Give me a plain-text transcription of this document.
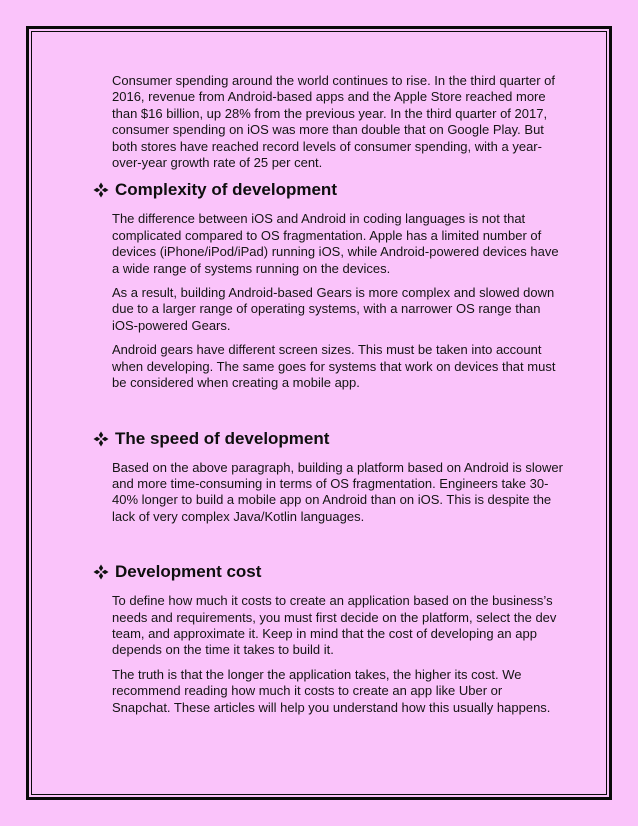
Consumer spending around the world continues to rise. In the third quarter of 2016, revenue from Android-based apps and the Apple Store reached more than $16 billion, up 28% from the previous year. In the third quarter of 2017, consumer spending on iOS was more than double that on Google Play. But both stores have reached record levels of consumer spending, with a year-over-year growth rate of 25 per cent.

Complexity of development

The difference between iOS and Android in coding languages is not that complicated compared to OS fragmentation. Apple has a limited number of devices (iPhone/iPod/iPad) running iOS, while Android-powered devices have a wide range of systems running on the devices.

As a result, building Android-based Gears is more complex and slowed down due to a larger range of operating systems, with a narrower OS range than iOS-powered Gears.

Android gears have different screen sizes. This must be taken into account when developing. The same goes for systems that work on devices that must be considered when creating a mobile app.

The speed of development

Based on the above paragraph, building a platform based on Android is slower and more time-consuming in terms of OS fragmentation. Engineers take 30-40% longer to build a mobile app on Android than on iOS. This is despite the lack of very complex Java/Kotlin languages.

Development cost

To define how much it costs to create an application based on the business’s needs and requirements, you must first decide on the platform, select the dev team, and approximate it. Keep in mind that the cost of developing an app depends on the time it takes to build it.

The truth is that the longer the application takes, the higher its cost. We recommend reading how much it costs to create an app like Uber or Snapchat. These articles will help you understand how this usually happens.
